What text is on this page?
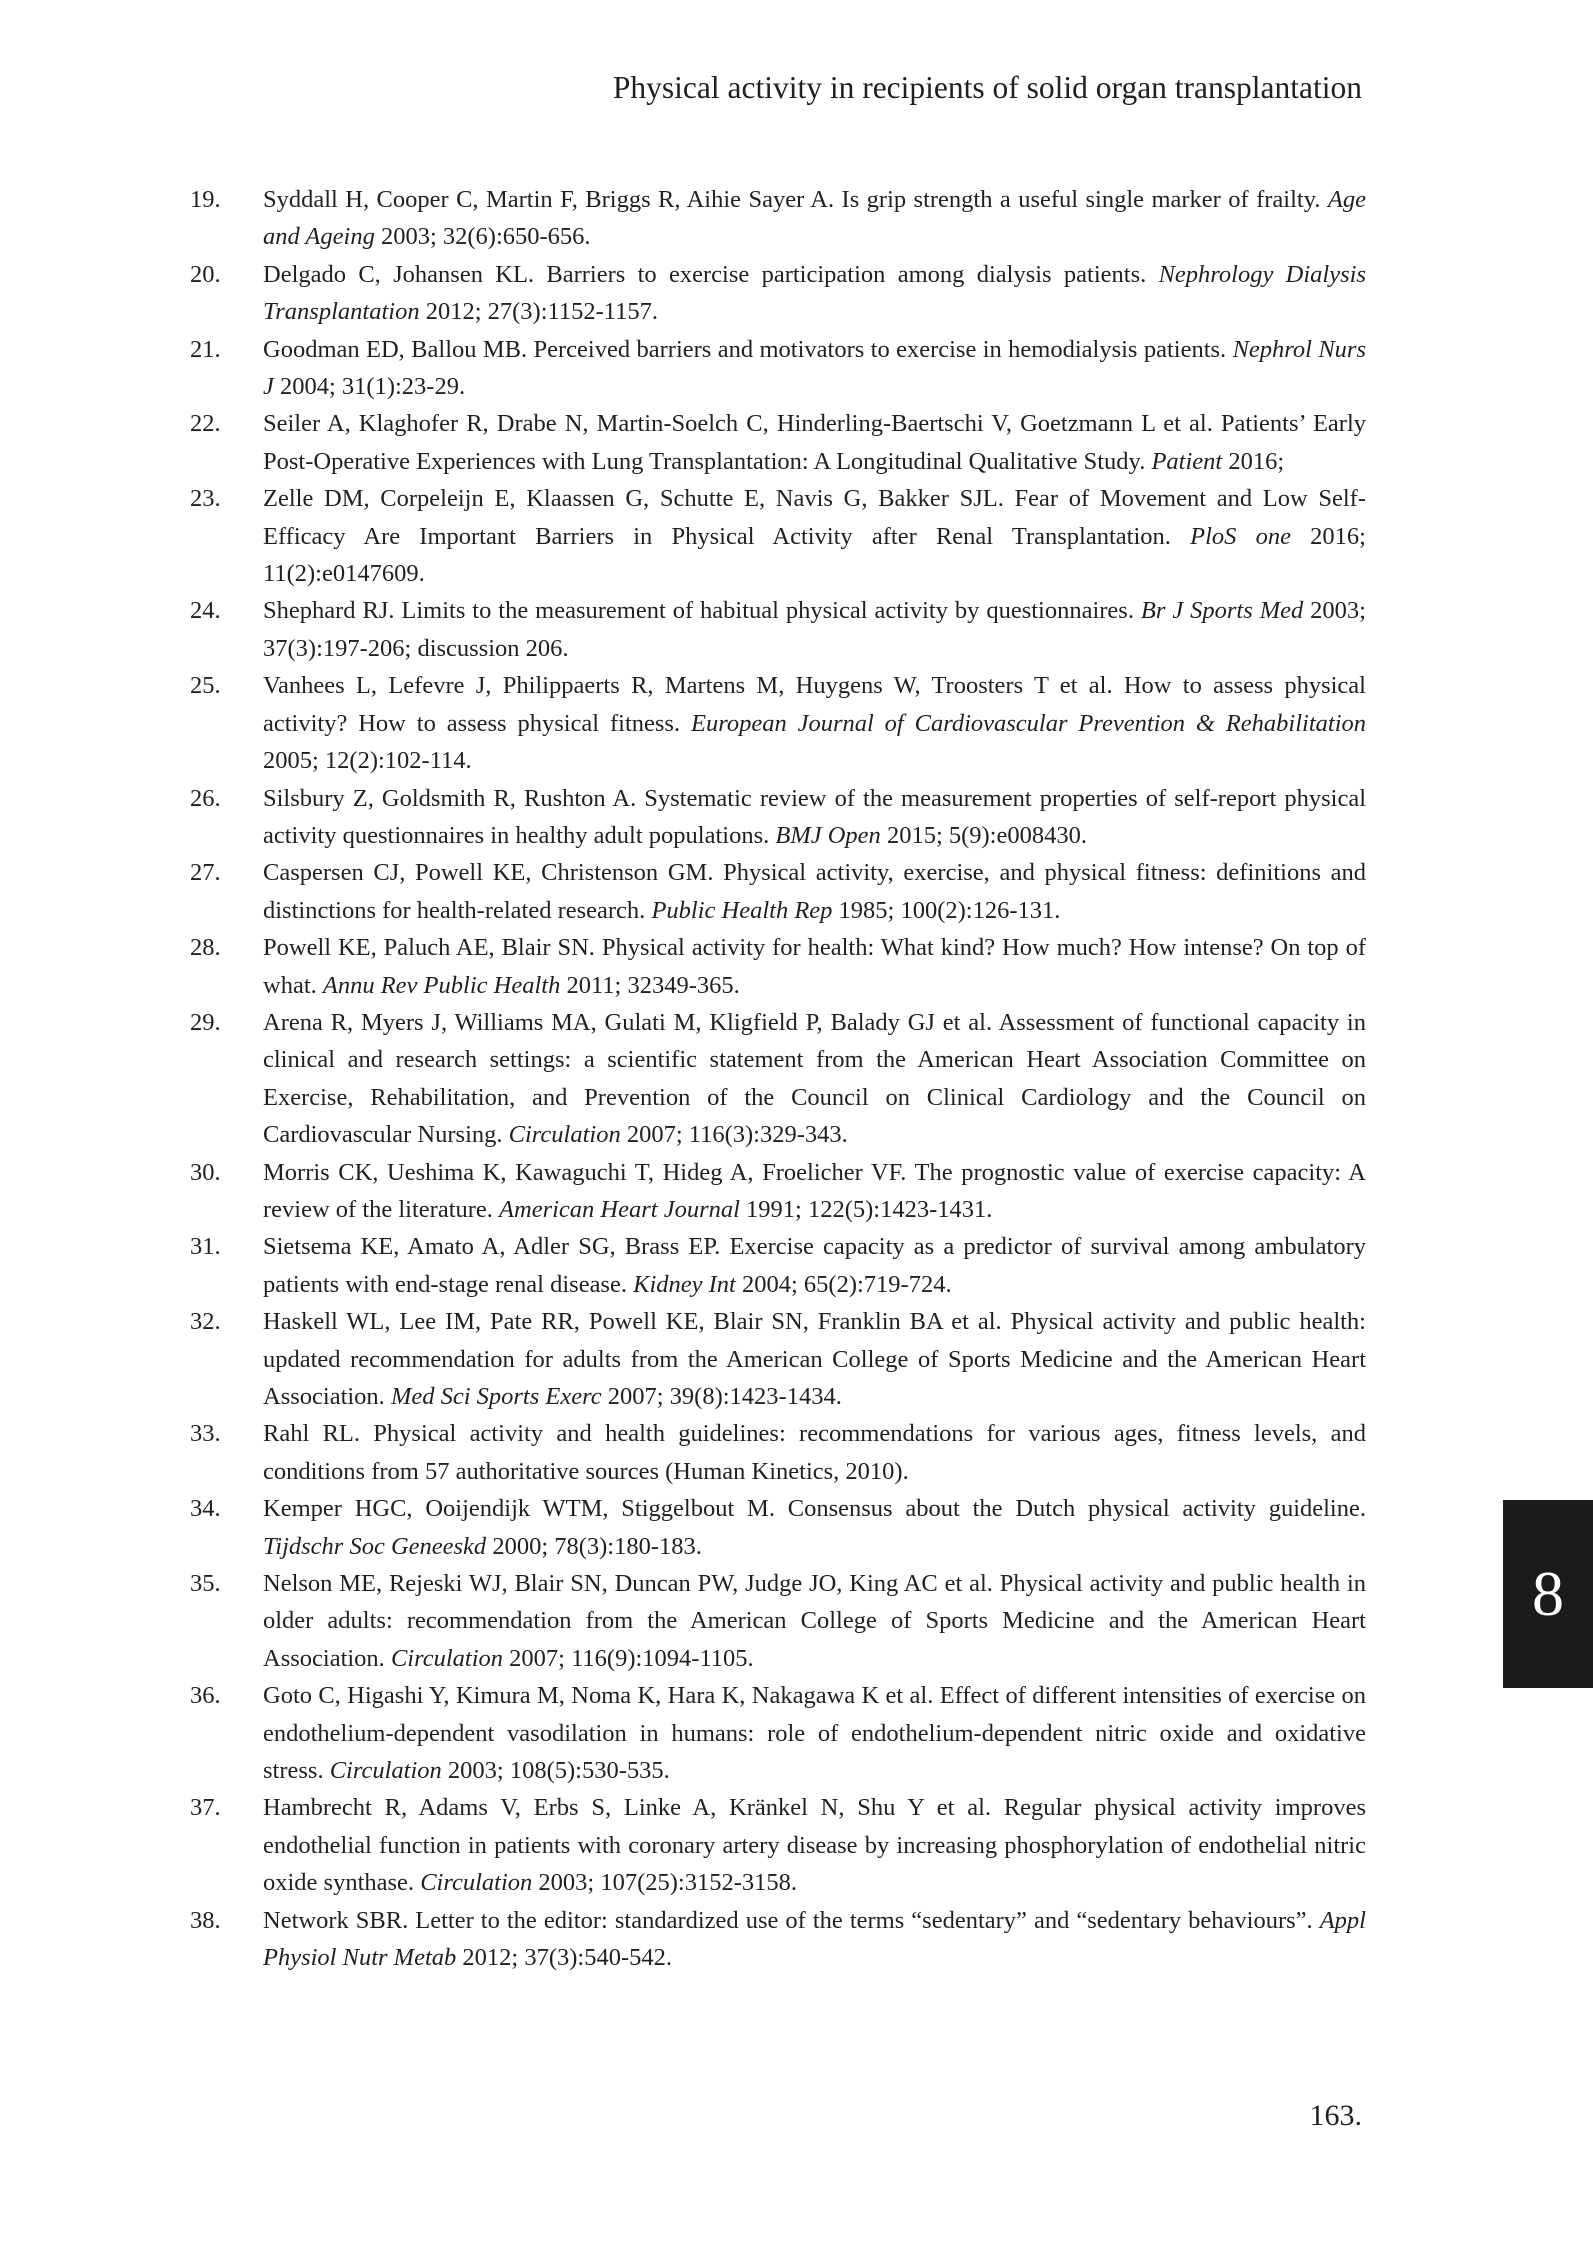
Physical activity in recipients of solid organ transplantation
19.	Syddall H, Cooper C, Martin F, Briggs R, Aihie Sayer A. Is grip strength a useful single marker of frailty. Age and Ageing 2003; 32(6):650-656.
20.	Delgado C, Johansen KL. Barriers to exercise participation among dialysis patients. Nephrology Dialysis Transplantation 2012; 27(3):1152-1157.
21.	Goodman ED, Ballou MB. Perceived barriers and motivators to exercise in hemodialysis patients. Nephrol Nurs J 2004; 31(1):23-29.
22.	Seiler A, Klaghofer R, Drabe N, Martin-Soelch C, Hinderling-Baertschi V, Goetzmann L et al. Patients’ Early Post-Operative Experiences with Lung Transplantation: A Longitudinal Qualitative Study. Patient 2016;
23.	Zelle DM, Corpeleijn E, Klaassen G, Schutte E, Navis G, Bakker SJL. Fear of Movement and Low Self-Efficacy Are Important Barriers in Physical Activity after Renal Transplantation. PloS one 2016; 11(2):e0147609.
24.	Shephard RJ. Limits to the measurement of habitual physical activity by questionnaires. Br J Sports Med 2003; 37(3):197-206; discussion 206.
25.	Vanhees L, Lefevre J, Philippaerts R, Martens M, Huygens W, Troosters T et al. How to assess physical activity? How to assess physical fitness. European Journal of Cardiovascular Prevention & Rehabilitation 2005; 12(2):102-114.
26.	Silsbury Z, Goldsmith R, Rushton A. Systematic review of the measurement properties of self-report physical activity questionnaires in healthy adult populations. BMJ Open 2015; 5(9):e008430.
27.	Caspersen CJ, Powell KE, Christenson GM. Physical activity, exercise, and physical fitness: definitions and distinctions for health-related research. Public Health Rep 1985; 100(2):126-131.
28.	Powell KE, Paluch AE, Blair SN. Physical activity for health: What kind? How much? How intense? On top of what. Annu Rev Public Health 2011; 32349-365.
29.	Arena R, Myers J, Williams MA, Gulati M, Kligfield P, Balady GJ et al. Assessment of functional capacity in clinical and research settings: a scientific statement from the American Heart Association Committee on Exercise, Rehabilitation, and Prevention of the Council on Clinical Cardiology and the Council on Cardiovascular Nursing. Circulation 2007; 116(3):329-343.
30.	Morris CK, Ueshima K, Kawaguchi T, Hideg A, Froelicher VF. The prognostic value of exercise capacity: A review of the literature. American Heart Journal 1991; 122(5):1423-1431.
31.	Sietsema KE, Amato A, Adler SG, Brass EP. Exercise capacity as a predictor of survival among ambulatory patients with end-stage renal disease. Kidney Int 2004; 65(2):719-724.
32.	Haskell WL, Lee IM, Pate RR, Powell KE, Blair SN, Franklin BA et al. Physical activity and public health: updated recommendation for adults from the American College of Sports Medicine and the American Heart Association. Med Sci Sports Exerc 2007; 39(8):1423-1434.
33.	Rahl RL. Physical activity and health guidelines: recommendations for various ages, fitness levels, and conditions from 57 authoritative sources (Human Kinetics, 2010).
34.	Kemper HGC, Ooijendijk WTM, Stiggelbout M. Consensus about the Dutch physical activity guideline. Tijdschr Soc Geneeskd 2000; 78(3):180-183.
35.	Nelson ME, Rejeski WJ, Blair SN, Duncan PW, Judge JO, King AC et al. Physical activity and public health in older adults: recommendation from the American College of Sports Medicine and the American Heart Association. Circulation 2007; 116(9):1094-1105.
36.	Goto C, Higashi Y, Kimura M, Noma K, Hara K, Nakagawa K et al. Effect of different intensities of exercise on endothelium-dependent vasodilation in humans: role of endothelium-dependent nitric oxide and oxidative stress. Circulation 2003; 108(5):530-535.
37.	Hambrecht R, Adams V, Erbs S, Linke A, Kränkel N, Shu Y et al. Regular physical activity improves endothelial function in patients with coronary artery disease by increasing phosphorylation of endothelial nitric oxide synthase. Circulation 2003; 107(25):3152-3158.
38.	Network SBR. Letter to the editor: standardized use of the terms “sedentary” and “sedentary behaviours”. Appl Physiol Nutr Metab 2012; 37(3):540-542.
8
163.
